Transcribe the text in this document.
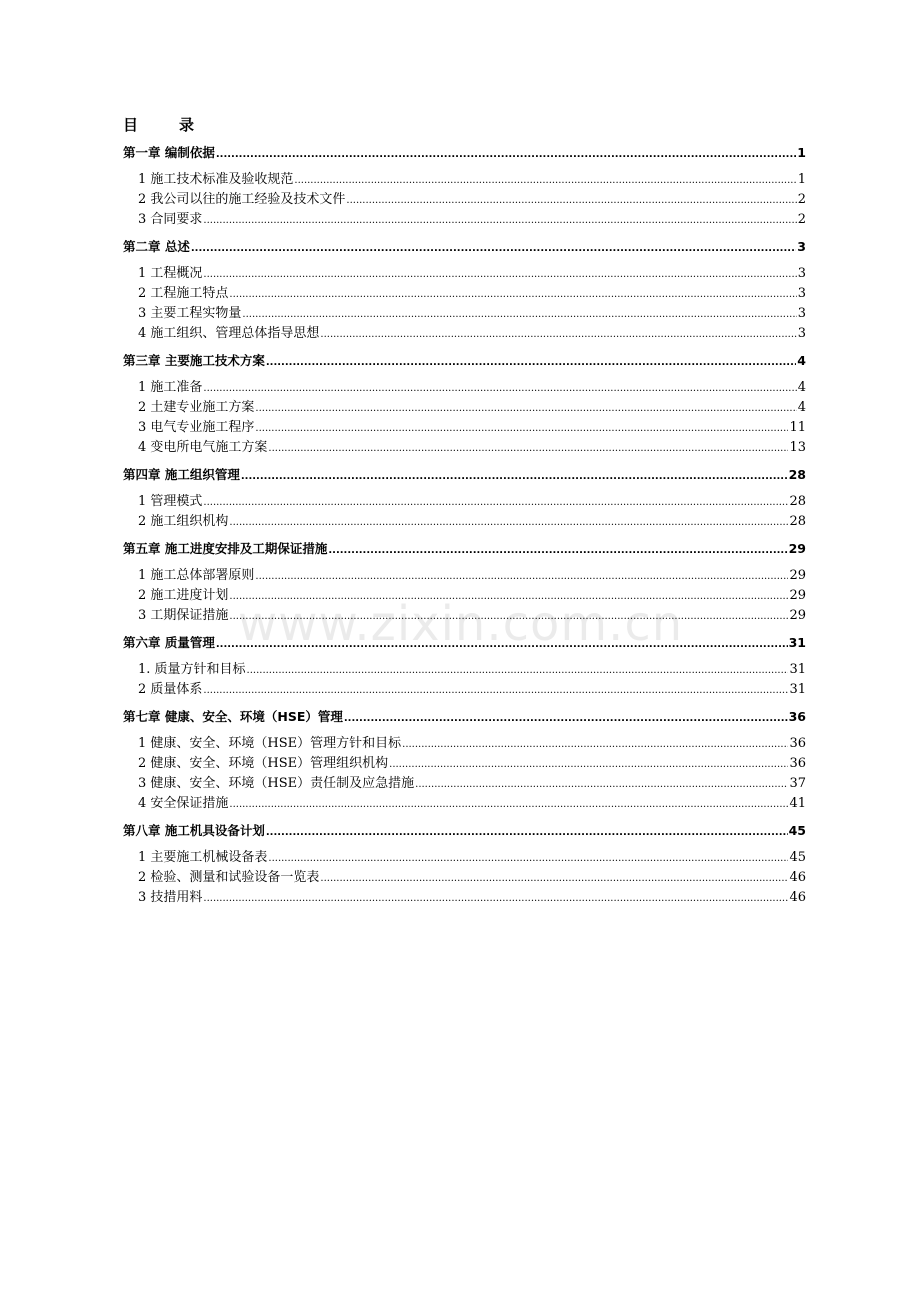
目	录
第一章 编制依据 .....	1
1 施工技术标准及验收规范 .....	1
2 我公司以往的施工经验及技术文件 .....	2
3 合同要求 .....	2
第二章 总述 .....	3
1 工程概况 .....	3
2 工程施工特点 .....	3
3 主要工程实物量 .....	3
4 施工组织、管理总体指导思想 .....	3
第三章 主要施工技术方案 .....	4
1 施工准备 .....	4
2 土建专业施工方案 .....	4
3 电气专业施工程序 .....	11
4 变电所电气施工方案 .....	13
第四章 施工组织管理 .....	28
1 管理模式 .....	28
2 施工组织机构 .....	28
第五章 施工进度安排及工期保证措施 .....	29
1 施工总体部署原则 .....	29
2 施工进度计划 .....	29
3 工期保证措施 .....	29
第六章 质量管理 .....	31
1. 质量方针和目标 .....	31
2 质量体系 .....	31
第七章 健康、安全、环境（HSE）管理 .....	36
1 健康、安全、环境（HSE）管理方针和目标 .....	36
2 健康、安全、环境（HSE）管理组织机构 .....	36
3 健康、安全、环境（HSE）责任制及应急措施 .....	37
4 安全保证措施 .....	41
第八章 施工机具设备计划 .....	45
1 主要施工机械设备表 .....	45
2 检验、测量和试验设备一览表 .....	46
3 技措用料 .....	46
www.zixin.com.cn
